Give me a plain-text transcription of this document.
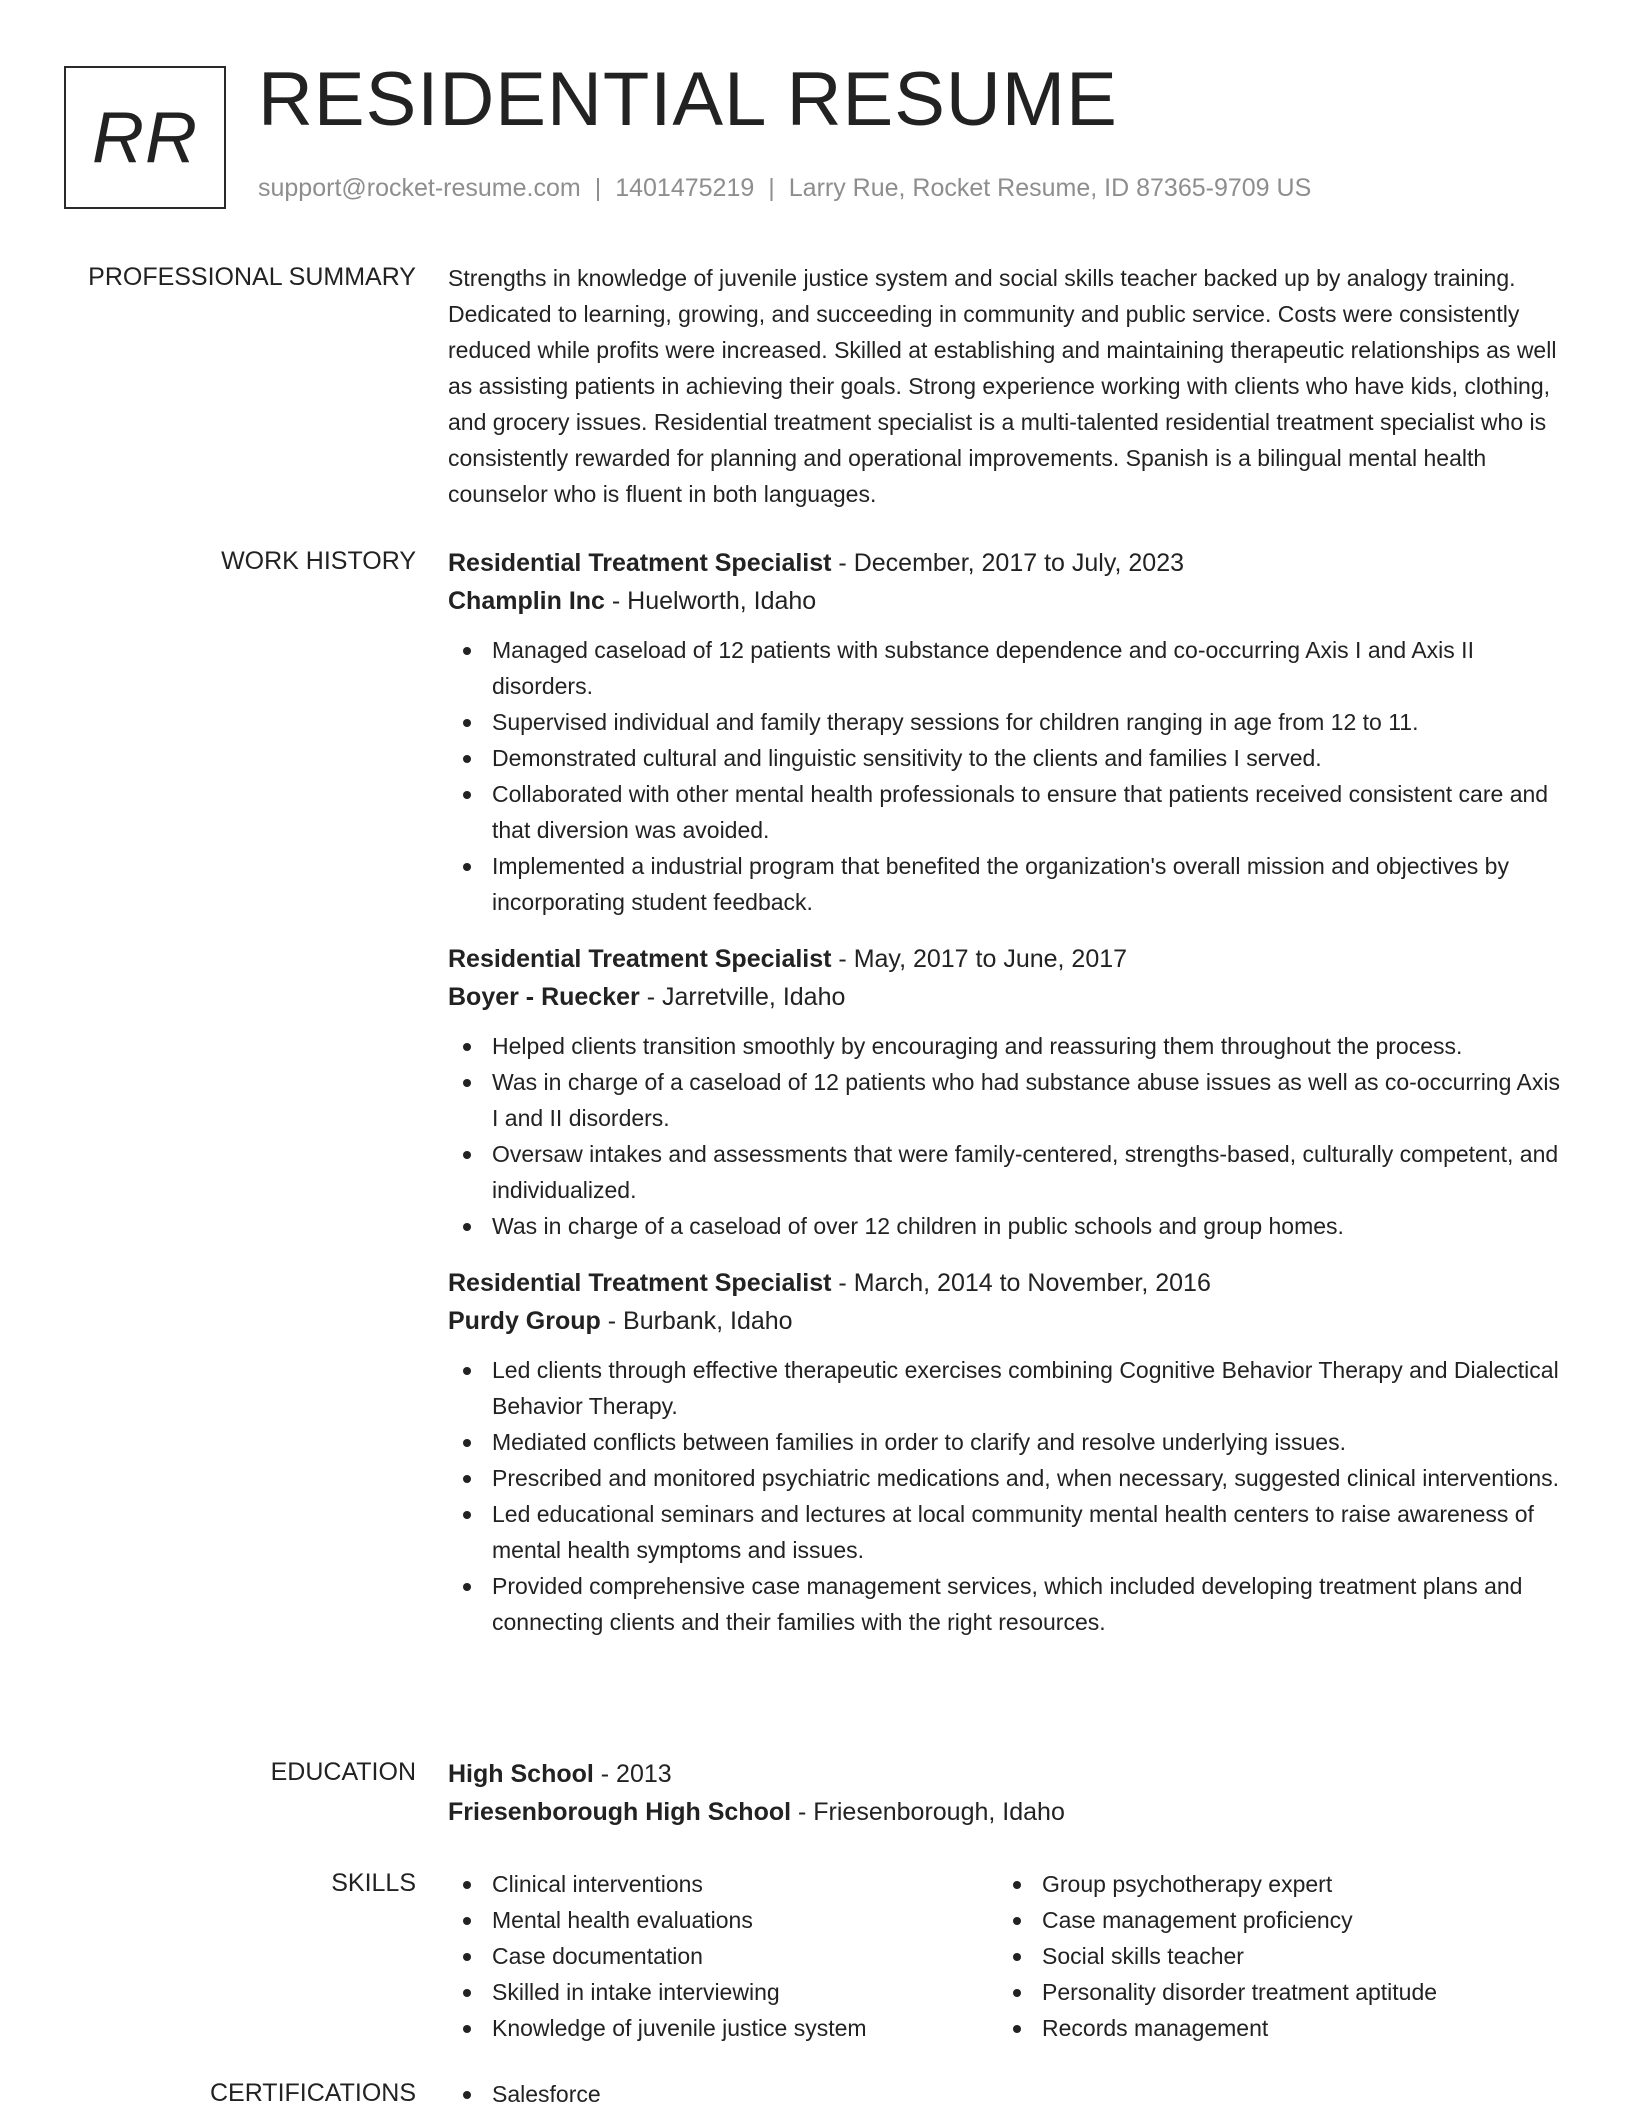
RR RESIDENTIAL RESUME
support@rocket-resume.com | 1401475219 | Larry Rue, Rocket Resume, ID 87365-9709 US
PROFESSIONAL SUMMARY Strengths in knowledge of juvenile justice system and social skills teacher backed up by analogy training. Dedicated to learning, growing, and succeeding in community and public service. Costs were consistently reduced while profits were increased. Skilled at establishing and maintaining therapeutic relationships as well as assisting patients in achieving their goals. Strong experience working with clients who have kids, clothing, and grocery issues. Residential treatment specialist is a multi-talented residential treatment specialist who is consistently rewarded for planning and operational improvements. Spanish is a bilingual mental health counselor who is fluent in both languages.
WORK HISTORY Residential Treatment Specialist - December, 2017 to July, 2023
Champlin Inc - Huelworth, Idaho
Managed caseload of 12 patients with substance dependence and co-occurring Axis I and Axis II disorders.
Supervised individual and family therapy sessions for children ranging in age from 12 to 11.
Demonstrated cultural and linguistic sensitivity to the clients and families I served.
Collaborated with other mental health professionals to ensure that patients received consistent care and that diversion was avoided.
Implemented a industrial program that benefited the organization's overall mission and objectives by incorporating student feedback.
Residential Treatment Specialist - May, 2017 to June, 2017
Boyer - Ruecker - Jarretville, Idaho
Helped clients transition smoothly by encouraging and reassuring them throughout the process.
Was in charge of a caseload of 12 patients who had substance abuse issues as well as co-occurring Axis I and II disorders.
Oversaw intakes and assessments that were family-centered, strengths-based, culturally competent, and individualized.
Was in charge of a caseload of over 12 children in public schools and group homes.
Residential Treatment Specialist - March, 2014 to November, 2016
Purdy Group - Burbank, Idaho
Led clients through effective therapeutic exercises combining Cognitive Behavior Therapy and Dialectical Behavior Therapy.
Mediated conflicts between families in order to clarify and resolve underlying issues.
Prescribed and monitored psychiatric medications and, when necessary, suggested clinical interventions.
Led educational seminars and lectures at local community mental health centers to raise awareness of mental health symptoms and issues.
Provided comprehensive case management services, which included developing treatment plans and connecting clients and their families with the right resources.
EDUCATION High School - 2013
Friesenborough High School - Friesenborough, Idaho
SKILLS	Clinical interventions
Mental health evaluations
Case documentation
Skilled in intake interviewing
Knowledge of juvenile justice system
Group psychotherapy expert
Case management proficiency
Social skills teacher
Personality disorder treatment aptitude
Records management
CERTIFICATIONS	Salesforce
